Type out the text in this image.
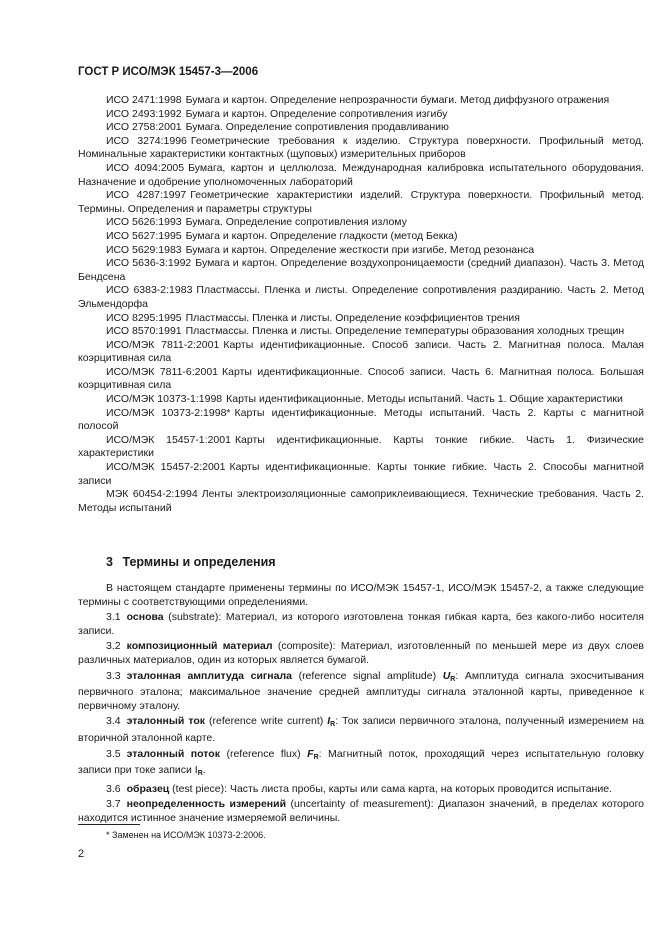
ГОСТ Р ИСО/МЭК 15457-3—2006

ИСО 2471:1998 Бумага и картон. Определение непрозрачности бумаги. Метод диффузного отражения

ИСО 2493:1992 Бумага и картон. Определение сопротивления изгибу

ИСО 2758:2001 Бумага. Определение сопротивления продавливанию

ИСО 3274:1996 Геометрические требования к изделию. Структура поверхности. Профильный метод. Номинальные характеристики контактных (щуповых) измерительных приборов

ИСО 4094:2005 Бумага, картон и целлюлоза. Международная калибровка испытательного оборудования. Назначение и одобрение уполномоченных лабораторий

ИСО 4287:1997 Геометрические характеристики изделий. Структура поверхности. Профильный метод. Термины. Определения и параметры структуры

ИСО 5626:1993 Бумага. Определение сопротивления излому

ИСО 5627:1995 Бумага и картон. Определение гладкости (метод Бекка)

ИСО 5629:1983 Бумага и картон. Определение жесткости при изгибе. Метод резонанса

ИСО 5636-3:1992 Бумага и картон. Определение воздухопроницаемости (средний диапазон). Часть 3. Метод Бендсена

ИСО 6383-2:1983 Пластмассы. Пленка и листы. Определение сопротивления раздиранию. Часть 2. Метод Эльмендорфа

ИСО 8295:1995 Пластмассы. Пленка и листы. Определение коэффициентов трения

ИСО 8570:1991 Пластмассы. Пленка и листы. Определение температуры образования холодных трещин

ИСО/МЭК 7811-2:2001 Карты идентификационные. Способ записи. Часть 2. Магнитная полоса. Малая коэрцитивная сила

ИСО/МЭК 7811-6:2001 Карты идентификационные. Способ записи. Часть 6. Магнитная полоса. Большая коэрцитивная сила

ИСО/МЭК 10373-1:1998 Карты идентификационные. Методы испытаний. Часть 1. Общие характеристики

ИСО/МЭК 10373-2:1998* Карты идентификационные. Методы испытаний. Часть 2. Карты с магнитной полосой

ИСО/МЭК 15457-1:2001 Карты идентификационные. Карты тонкие гибкие. Часть 1. Физические характеристики

ИСО/МЭК 15457-2:2001 Карты идентификационные. Карты тонкие гибкие. Часть 2. Способы магнитной записи

МЭК 60454-2:1994 Ленты электроизоляционные самоприклеивающиеся. Технические требования. Часть 2. Методы испытаний

3 Термины и определения

В настоящем стандарте применены термины по ИСО/МЭК 15457-1, ИСО/МЭК 15457-2, а также следующие термины с соответствующими определениями.

3.1 основа (substrate): Материал, из которого изготовлена тонкая гибкая карта, без какого-либо носителя записи.

3.2 композиционный материал (composite): Материал, изготовленный по меньшей мере из двух слоев различных материалов, один из которых является бумагой.

3.3 эталонная амплитуда сигнала (reference signal amplitude) $U_R$: Амплитуда сигнала эхосчитывания первичного эталона; максимальное значение средней амплитуды сигнала эталонной карты, приведенное к первичному эталону.

3.4 эталонный ток (reference write current) $I_R$: Ток записи первичного эталона, полученный измерением на вторичной эталонной карте.

3.5 эталонный поток (reference flux) $F_R$: Магнитный поток, проходящий через испытательную головку записи при токе записи $I_R$.

3.6 образец (test piece): Часть листа пробы, карты или сама карта, на которых проводится испытание.

3.7 неопределенность измерений (uncertainty of measurement): Диапазон значений, в пределах которого находится истинное значение измеряемой величины.

* Заменен на ИСО/МЭК 10373-2:2006.
2
